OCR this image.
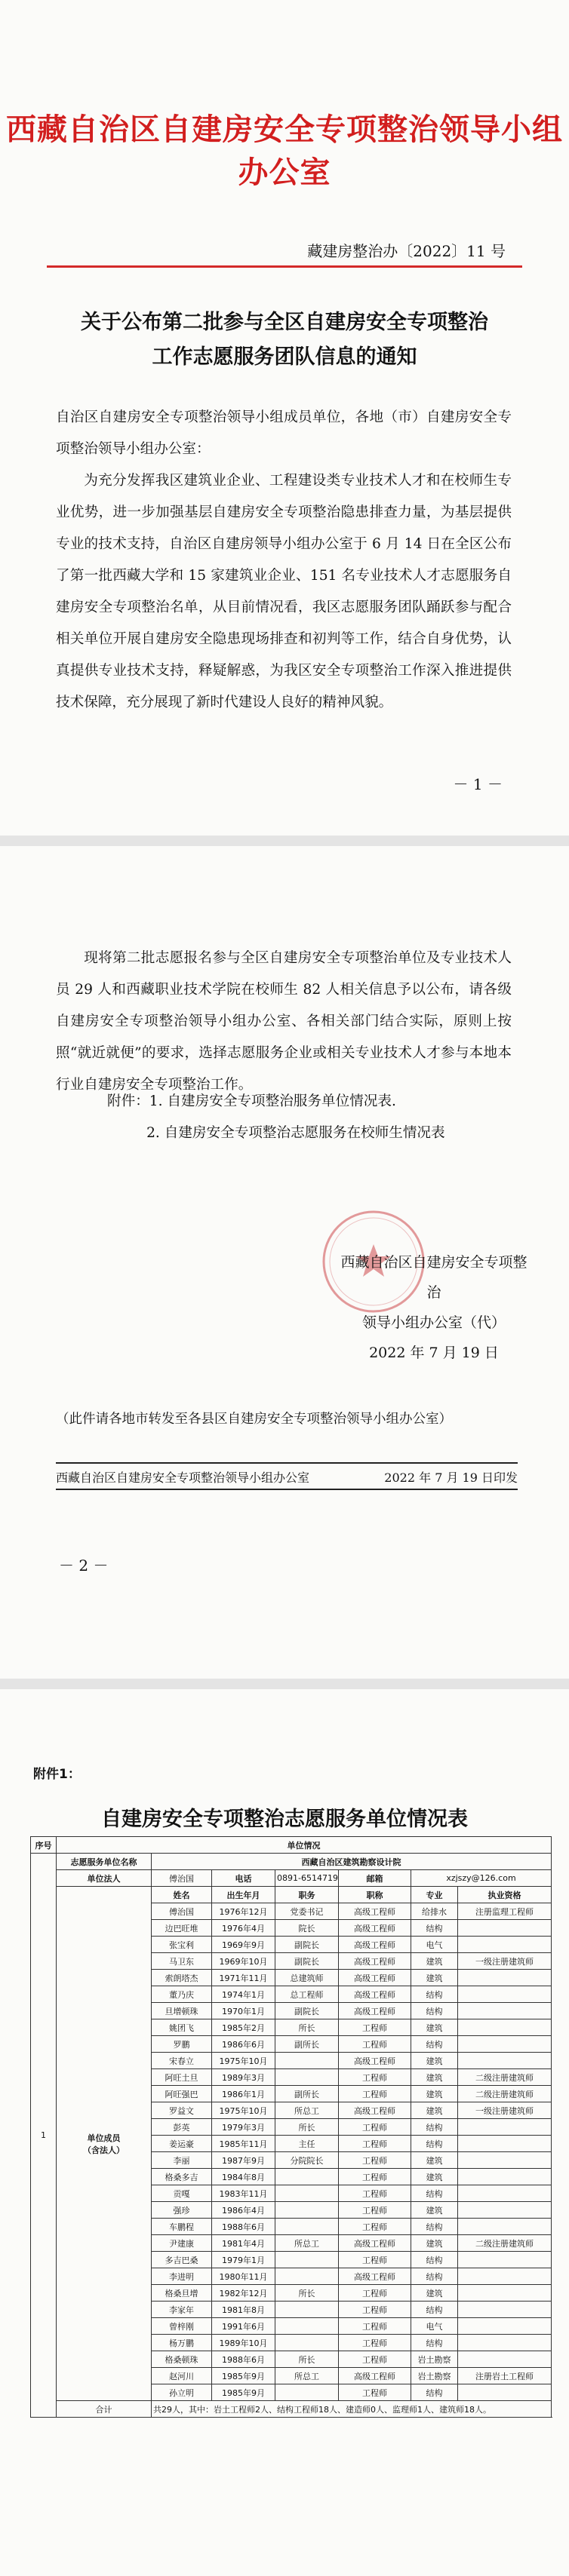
西藏自治区自建房安全专项整治领导小组办公室
藏建房整治办〔2022〕11 号
关于公布第二批参与全区自建房安全专项整治
工作志愿服务团队信息的通知
自治区自建房安全专项整治领导小组成员单位，各地（市）自建房安全专项整治领导小组办公室：
为充分发挥我区建筑业企业、工程建设类专业技术人才和在校师生专业优势，进一步加强基层自建房安全专项整治隐患排查力量，为基层提供专业的技术支持，自治区自建房领导小组办公室于 6 月 14 日在全区公布了第一批西藏大学和 15 家建筑业企业、151 名专业技术人才志愿服务自建房安全专项整治名单，从目前情况看，我区志愿服务团队踊跃参与配合相关单位开展自建房安全隐患现场排查和初判等工作，结合自身优势，认真提供专业技术支持，释疑解惑，为我区安全专项整治工作深入推进提供技术保障，充分展现了新时代建设人良好的精神风貌。
－ 1 －
现将第二批志愿报名参与全区自建房安全专项整治单位及专业技术人员 29 人和西藏职业技术学院在校师生 82 人相关信息予以公布，请各级自建房安全专项整治领导小组办公室、各相关部门结合实际，原则上按照“就近就便”的要求，选择志愿服务企业或相关专业技术人才参与本地本行业自建房安全专项整治工作。
附件：1. 自建房安全专项整治服务单位情况表.
2. 自建房安全专项整治志愿服务在校师生情况表
西藏自治区自建房安全专项整治
领导小组办公室（代）
2022 年 7 月 19 日
（此件请各地市转发至各县区自建房安全专项整治领导小组办公室）
西藏自治区自建房安全专项整治领导小组办公室	2022 年 7 月 19 日印发
－ 2 －
附件1：
自建房安全专项整治志愿服务单位情况表
序号	单位情况						
1	志愿服务单位名称	西藏自治区建筑勘察设计院					
	单位法人	傅治国	电话	0891-6514719	邮箱	xzjszy@126.com	

	单位成员
（含法人）	姓名	出生年月	职务	职称	专业	执业资格
		傅治国	1976年12月	党委书记	高级工程师	给排水	注册监理工程师
		边巴旺堆	1976年4月	院长	高级工程师	结构	
		张宝利	1969年9月	副院长	高级工程师	电气	
		马卫东	1969年10月	副院长	高级工程师	建筑	一级注册建筑师
		索朗塔杰	1971年11月	总建筑师	高级工程师	建筑	
		董乃庆	1974年1月	总工程师	高级工程师	结构	
		旦增顿珠	1970年1月	副院长	高级工程师	结构	
		姚团飞	1985年2月	所长	工程师	建筑	
		罗鹏	1986年6月	副所长	工程师	结构	
		宋春立	1975年10月		高级工程师	建筑	
		阿旺土旦	1989年3月		工程师	建筑	二级注册建筑师
		阿旺强巴	1986年1月	副所长	工程师	建筑	二级注册建筑师
		罗益文	1975年10月	所总工	高级工程师	建筑	一级注册建筑师
		彭英	1979年3月	所长	工程师	结构	
		姜运豪	1985年11月	主任	工程师	结构	
		李丽	1987年9月	分院院长	工程师	建筑	
		格桑多吉	1984年8月		工程师	建筑	
		贡嘎	1983年11月		工程师	结构	
		强珍	1986年4月		工程师	建筑	
		车鹏程	1988年6月		工程师	结构	
		尹建康	1981年4月	所总工	高级工程师	建筑	二级注册建筑师
		多吉巴桑	1979年1月		工程师	结构	
		李进明	1980年11月		高级工程师	结构	
		格桑旦增	1982年12月	所长	工程师	建筑	
		李家年	1981年8月		工程师	结构	
		曾梓刚	1991年6月		工程师	电气	
		杨万鹏	1989年10月		工程师	结构	
		格桑顿珠	1988年6月	所长	工程师	岩土勘察	
		赵河川	1985年9月	所总工	高级工程师	岩土勘察	注册岩土工程师
		孙立明	1985年9月		工程师	结构	
	合计	共29人，其中：岩土工程师2人、结构工程师18人、建造师0人、监理师1人、建筑师18人。					
